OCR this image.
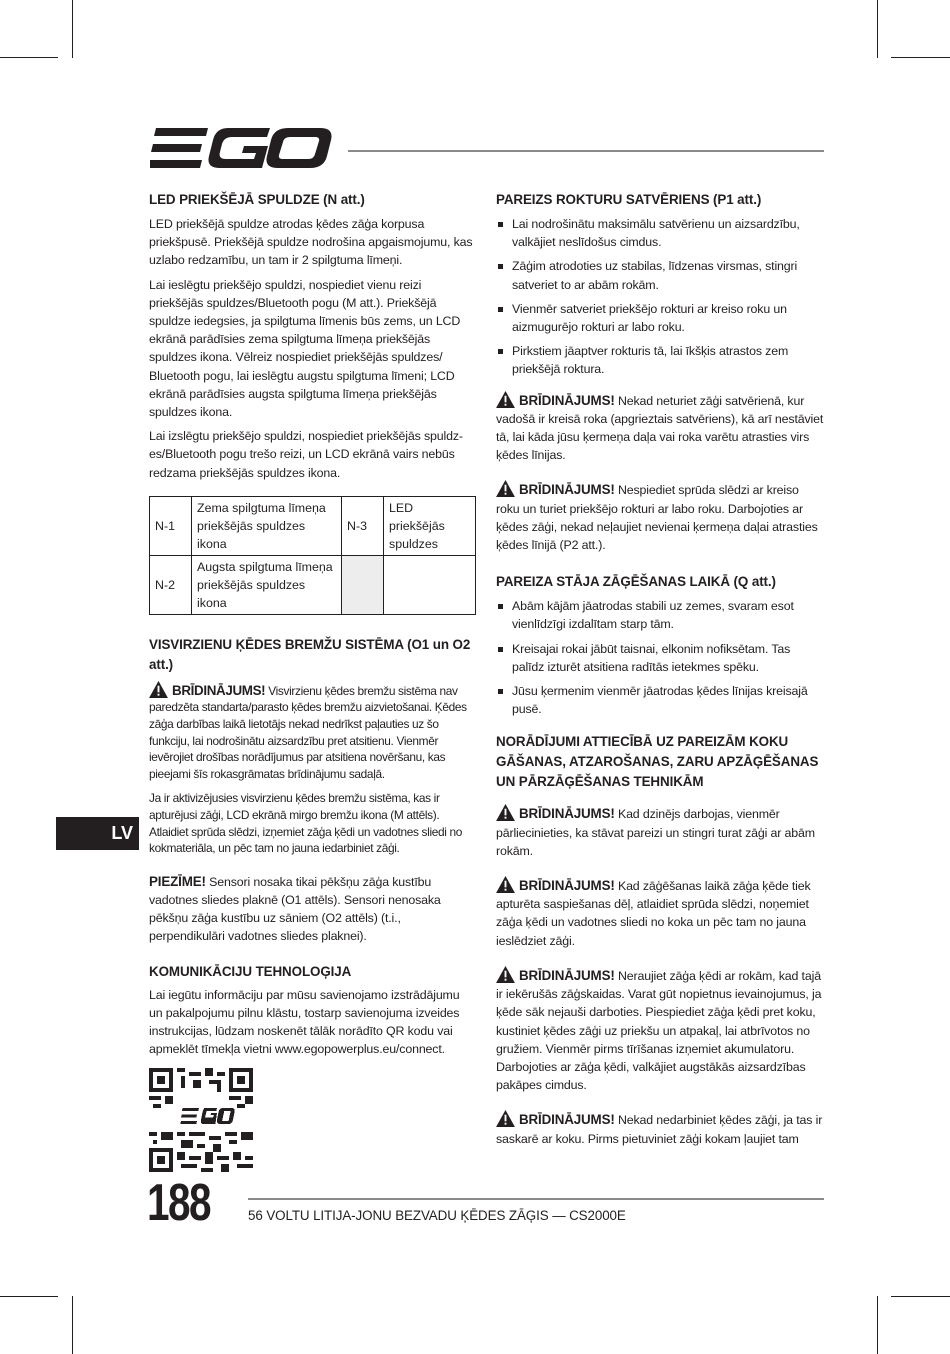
LED PRIEKŠĒJĀ SPULDZE (N att.)

LED priekšējā spuldze atrodas ķēdes zāģa korpusa priekšpusē. Priekšējā spuldze nodrošina apgaismojumu, kas uzlabo redzamību, un tam ir 2 spilgtuma līmeņi.

Lai ieslēgtu priekšējo spuldzi, nospiediet vienu reizi priekšējās spuldzes/Bluetooth pogu (M att.). Priekšējā spuldze iedegsies, ja spilgtuma līmenis būs zems, un LCD ekrānā parādīsies zema spilgtuma līmeņa priekšējās spuldzes ikona. Vēlreiz nospiediet priekšējās spuldzes/ Bluetooth pogu, lai ieslēgtu augstu spilgtuma līmeni; LCD ekrānā parādīsies augsta spilgtuma līmeņa priekšējās spuldzes ikona.

Lai izslēgtu priekšējo spuldzi, nospiediet priekšējās spuldz-es/Bluetooth pogu trešo reizi, un LCD ekrānā vairs nebūs redzama priekšējās spuldzes ikona.

N-1	Zema spilgtuma līmeņa priekšējās spuldzes ikona	N-3	LED priekšējās spuldzes
N-2	Augsta spilgtuma līmeņa priekšējās spuldzes ikona		
VISVIRZIENU ĶĒDES BREMŽU SISTĒMA (O1 un O2 att.)

BRĪDINĀJUMS! Visvirzienu ķēdes bremžu sistēma nav paredzēta standarta/parasto ķēdes bremžu aizvietošanai. Ķēdes zāģa darbības laikā lietotājs nekad nedrīkst paļauties uz šo funkciju, lai nodrošinātu aizsardzību pret atsitienu. Vienmēr ievērojiet drošības norādījumus par atsitiena novēršanu, kas pieejami šīs rokasgrāmatas brīdinājumu sadaļā.

Ja ir aktivizējusies visvirzienu ķēdes bremžu sistēma, kas ir apturējusi zāģi, LCD ekrānā mirgo bremžu ikona (M attēls). Atlaidiet sprūda slēdzi, izņemiet zāģa ķēdi un vadotnes sliedi no kokmateriāla, un pēc tam no jauna iedarbiniet zāģi.

PIEZĪME! Sensori nosaka tikai pēkšņu zāģa kustību vadotnes sliedes plaknē (O1 attēls). Sensori nenosaka pēkšņu zāģa kustību uz sāniem (O2 attēls) (t.i., perpendikulāri vadotnes sliedes plaknei).

KOMUNIKĀCIJU TEHNOLOĢIJA

Lai iegūtu informāciju par mūsu savienojamo izstrādājumu un pakalpojumu pilnu klāstu, tostarp savienojuma izveides instrukcijas, lūdzam noskenēt tālāk norādīto QR kodu vai apmeklēt tīmekļa vietni www.egopowerplus.eu/connect.

PAREIZS ROKTURU SATVĒRIENS (P1 att.)
Lai nodrošinātu maksimālu satvērienu un aizsardzību, valkājiet neslīdošus cimdus.
Zāģim atrodoties uz stabilas, līdzenas virsmas, stingri satveriet to ar abām rokām.
Vienmēr satveriet priekšējo rokturi ar kreiso roku un aizmugurējo rokturi ar labo roku.
Pirkstiem jāaptver rokturis tā, lai īkšķis atrastos zem priekšējā roktura.

BRĪDINĀJUMS! Nekad neturiet zāģi satvērienā, kur vadošā ir kreisā roka (apgrieztais satvēriens), kā arī nestāviet tā, lai kāda jūsu ķermeņa daļa vai roka varētu atrasties virs ķēdes līnijas.

BRĪDINĀJUMS! Nespiediet sprūda slēdzi ar kreiso roku un turiet priekšējo rokturi ar labo roku. Darbojoties ar ķēdes zāģi, nekad neļaujiet nevienai ķermeņa daļai atrasties ķēdes līnijā (P2 att.).

PAREIZA STĀJA ZĀĢĒŠANAS LAIKĀ (Q att.)
Abām kājām jāatrodas stabili uz zemes, svaram esot vienlīdzīgi izdalītam starp tām.
Kreisajai rokai jābūt taisnai, elkonim nofiksētam. Tas palīdz izturēt atsitiena radītās ietekmes spēku.
Jūsu ķermenim vienmēr jāatrodas ķēdes līnijas kreisajā pusē.
NORĀDĪJUMI ATTIECĪBĀ UZ PAREIZĀM KOKU GĀŠANAS, ATZAROŠANAS, ZARU APZĀĢĒŠANAS UN PĀRZĀĢĒŠANAS TEHNIKĀM

BRĪDINĀJUMS! Kad dzinējs darbojas, vienmēr pārliecinieties, ka stāvat pareizi un stingri turat zāģi ar abām rokām.

BRĪDINĀJUMS! Kad zāģēšanas laikā zāģa ķēde tiek apturēta saspiešanas dēļ, atlaidiet sprūda slēdzi, noņemiet zāģa ķēdi un vadotnes sliedi no koka un pēc tam no jauna ieslēdziet zāģi.

BRĪDINĀJUMS! Neraujiet zāģa ķēdi ar rokām, kad tajā ir iekērušās zāģskaidas. Varat gūt nopietnus ievainojumus, ja ķēde sāk nejauši darboties. Piespiediet zāģa ķēdi pret koku, kustiniet ķēdes zāģi uz priekšu un atpakaļ, lai atbrīvotos no gružiem. Vienmēr pirms tīrīšanas izņemiet akumulatoru. Darbojoties ar zāģa ķēdi, valkājiet augstākās aizsardzības pakāpes cimdus.

BRĪDINĀJUMS! Nekad nedarbiniet ķēdes zāģi, ja tas ir saskarē ar koku. Pirms pietuviniet zāģi kokam ļaujiet tam

LV
188	56 VOLTU LITIJA-JONU BEZVADU ĶĒDES ZĀĢIS — CS2000E
